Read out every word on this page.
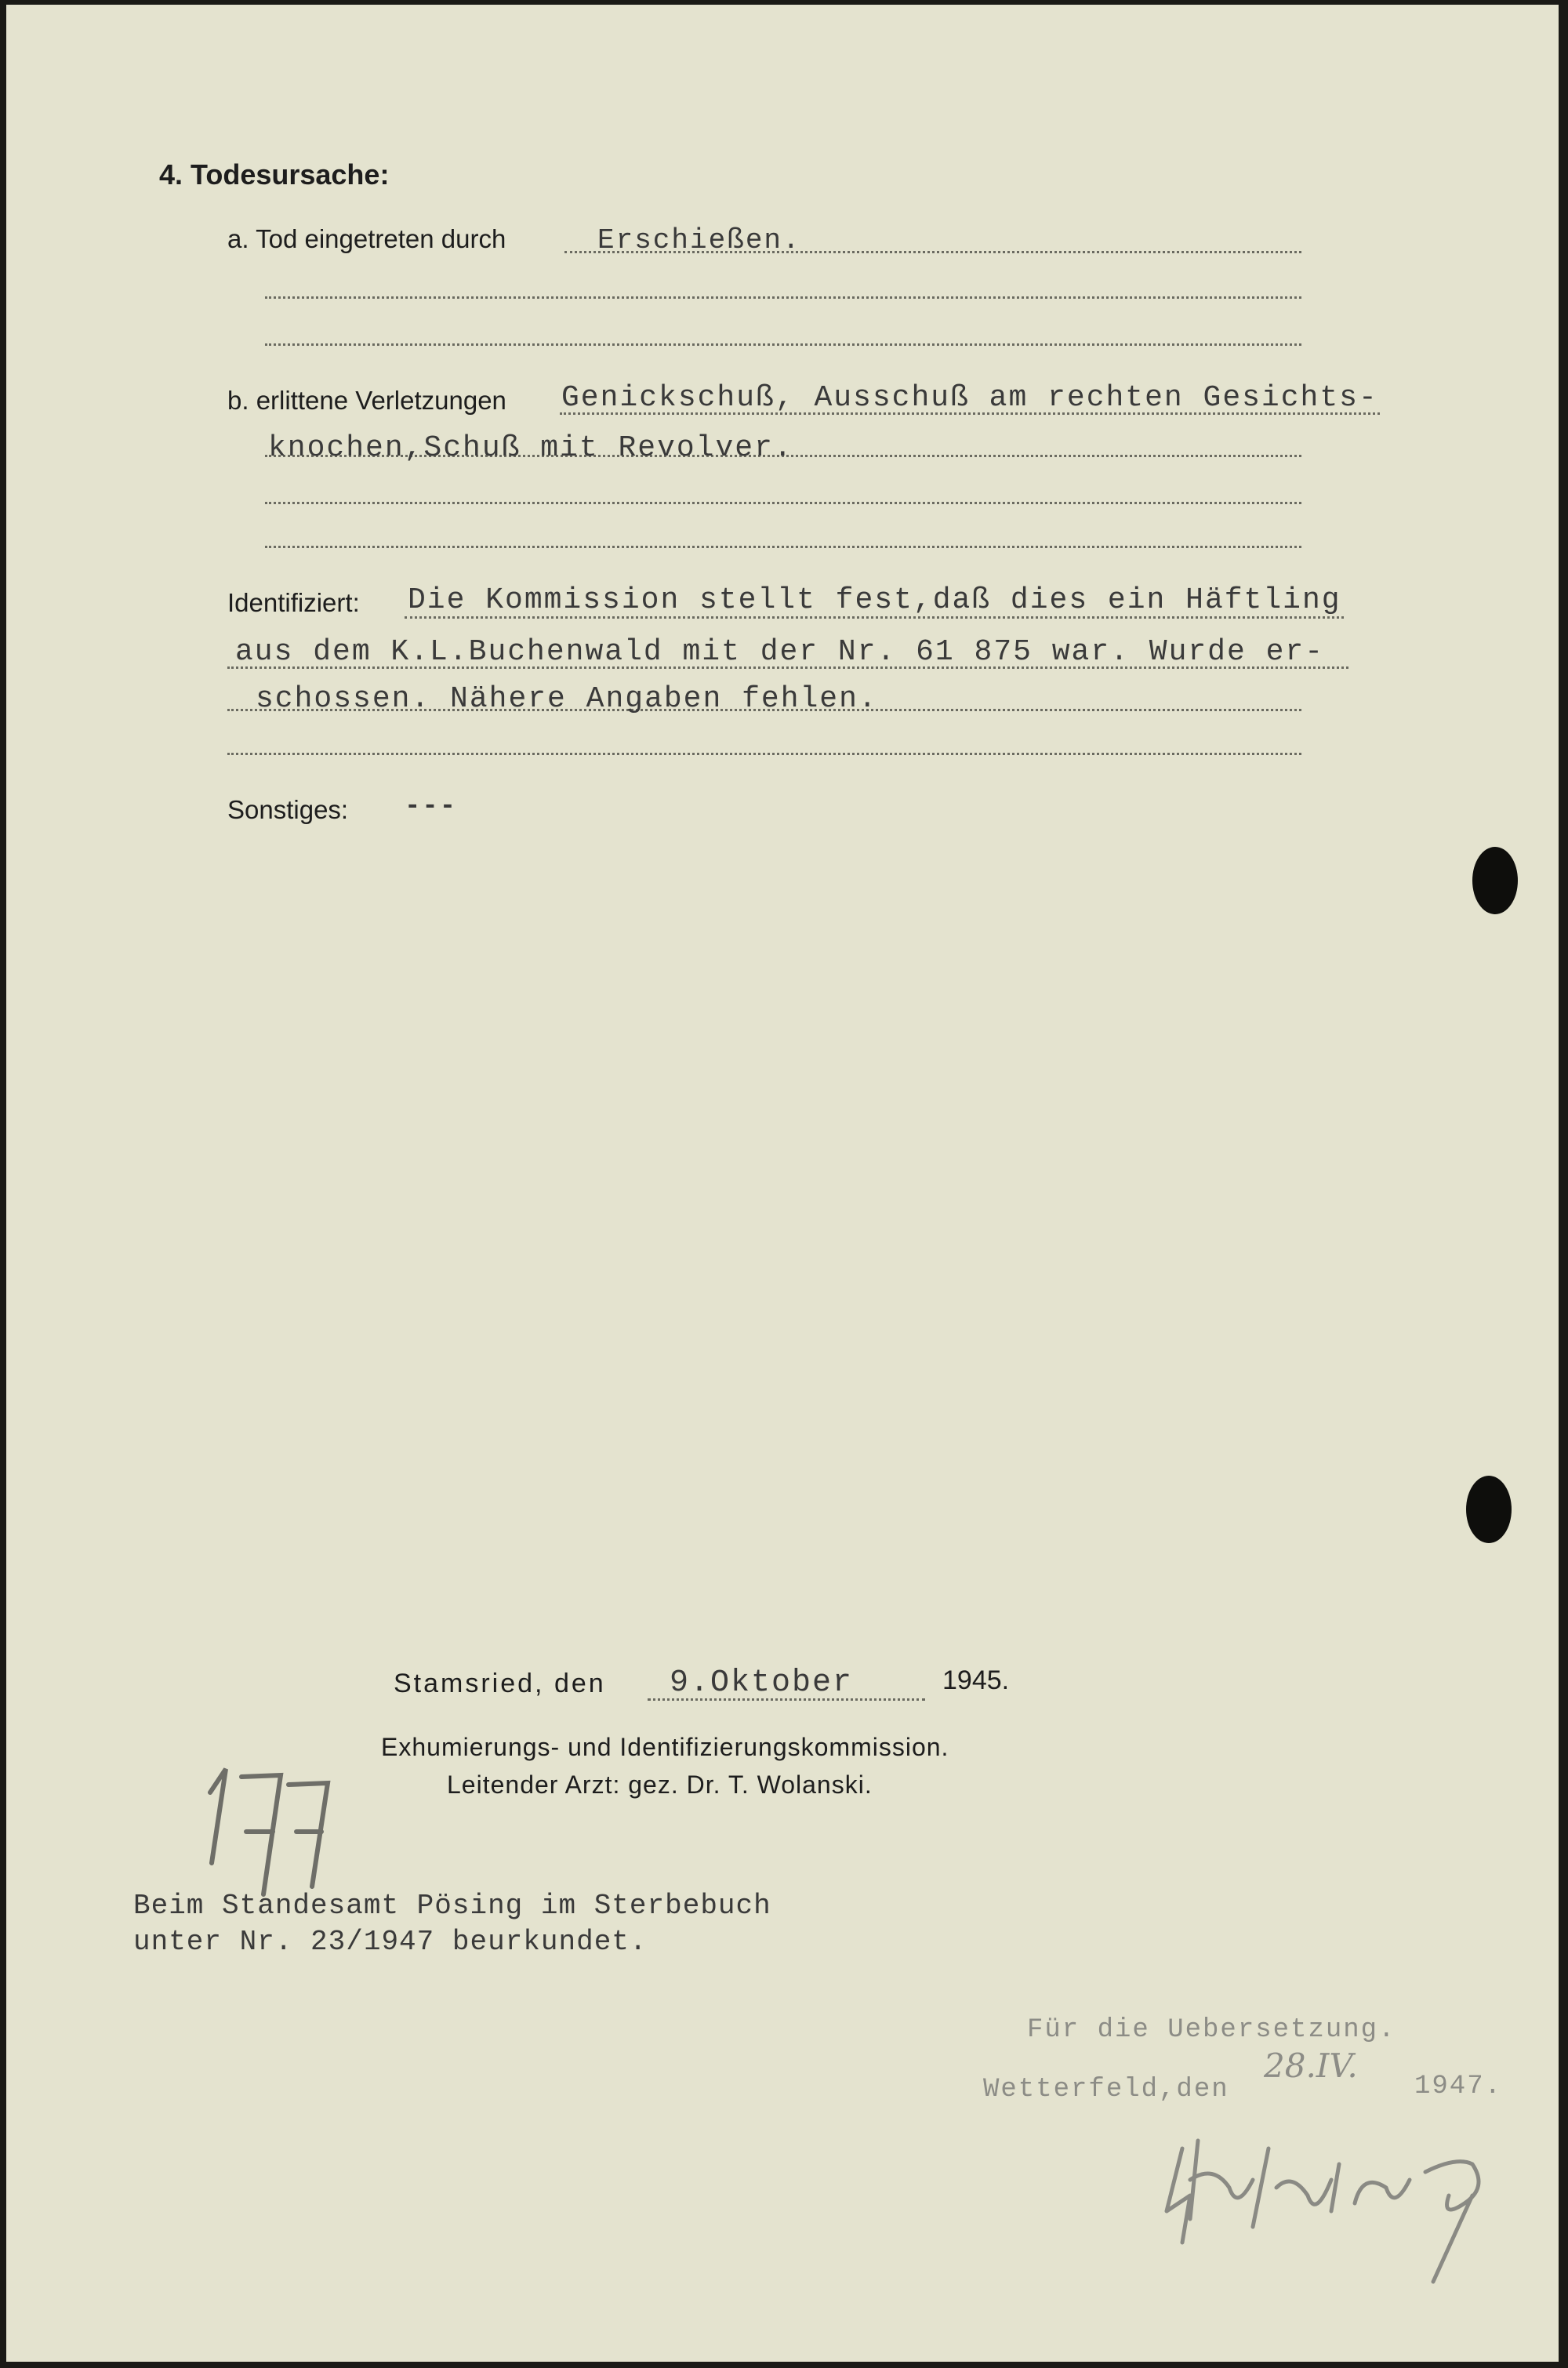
4. Todesursache:
a. Tod eingetreten durch	Erschießen.
b. erlittene Verletzungen Genickschuß, Ausschuß am rechten Gesichts-
knochen,Schuß mit Revolver.
Identifiziert: Die Kommission stellt fest,daß dies ein Häftling
aus dem K.L.Buchenwald mit der Nr. 61 875 war. Wurde er-
schossen. Nähere Angaben fehlen.
Sonstiges: ---
Stamsried, den 9.Oktober	1945.
Exhumierungs- und Identifizierungskommission.
Leitender Arzt: gez. Dr. T. Wolanski.
Beim Standesamt Pösing im Sterbebuch
unter Nr. 23/1947 beurkundet.
Für die Uebersetzung.
Wetterfeld,den
28.IV.
1947.
